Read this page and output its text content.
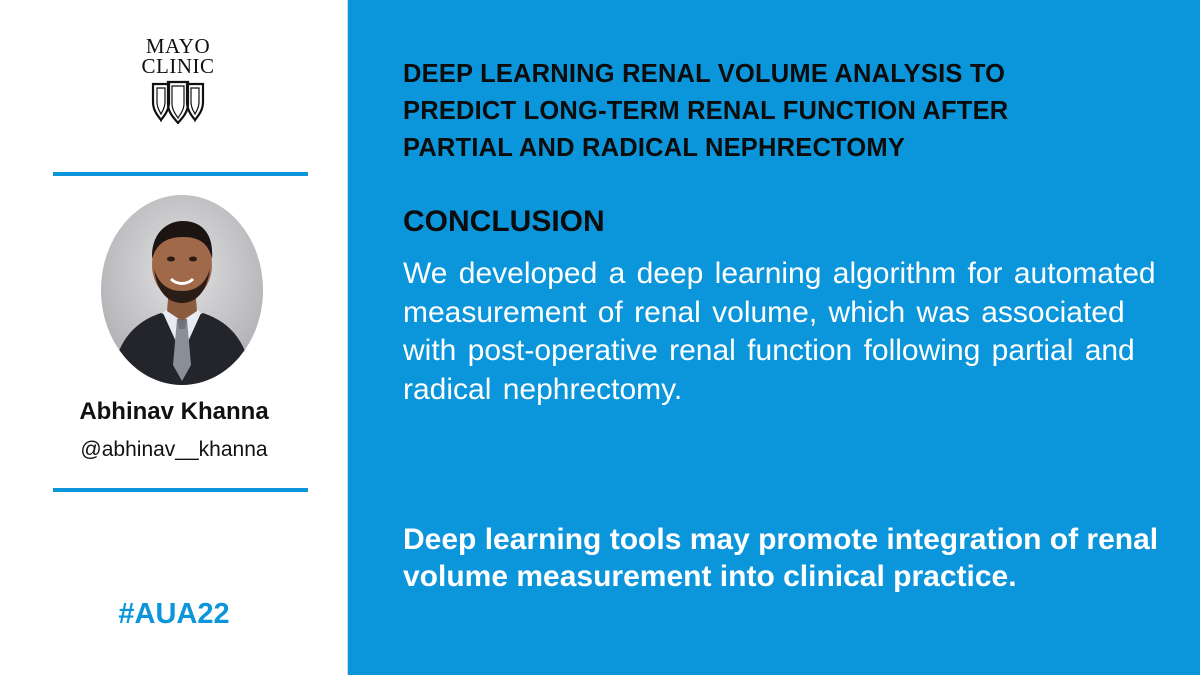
MAYO
CLINIC
Abhinav Khanna
@abhinav__khanna
#AUA22
DEEP LEARNING RENAL VOLUME ANALYSIS TO PREDICT LONG-TERM RENAL FUNCTION AFTER PARTIAL AND RADICAL NEPHRECTOMY
CONCLUSION
We developed a deep learning algorithm for automated measurement of renal volume, which was associated with post-operative renal function following partial and radical nephrectomy.
Deep learning tools may promote integration of renal volume measurement into clinical practice.
